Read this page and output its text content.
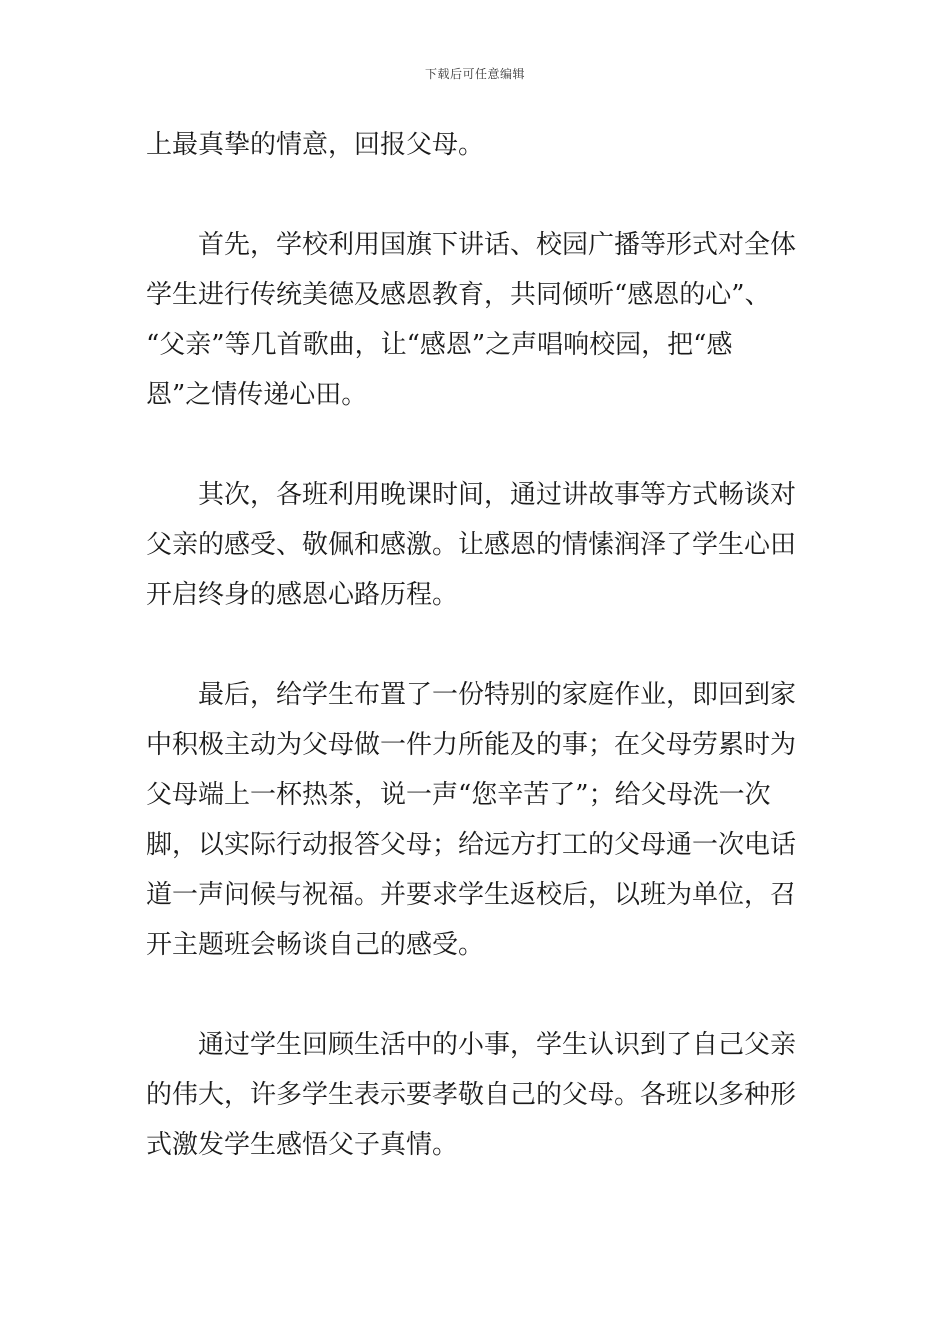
下载后可任意编辑
上最真挚的情意，回报父母。
首先，学校利用国旗下讲话、校园广播等形式对全体
学生进行传统美德及感恩教育，共同倾听“感恩的心”、
“父亲”等几首歌曲，让“感恩”之声唱响校园，把“感
恩”之情传递心田。
其次，各班利用晚课时间，通过讲故事等方式畅谈对
父亲的感受、敬佩和感激。让感恩的情愫润泽了学生心田
开启终身的感恩心路历程。
最后，给学生布置了一份特别的家庭作业，即回到家
中积极主动为父母做一件力所能及的事；在父母劳累时为
父母端上一杯热茶，说一声“您辛苦了”；给父母洗一次
脚，以实际行动报答父母；给远方打工的父母通一次电话
道一声问候与祝福。并要求学生返校后，以班为单位，召
开主题班会畅谈自己的感受。
通过学生回顾生活中的小事，学生认识到了自己父亲
的伟大，许多学生表示要孝敬自己的父母。各班以多种形
式激发学生感悟父子真情。
